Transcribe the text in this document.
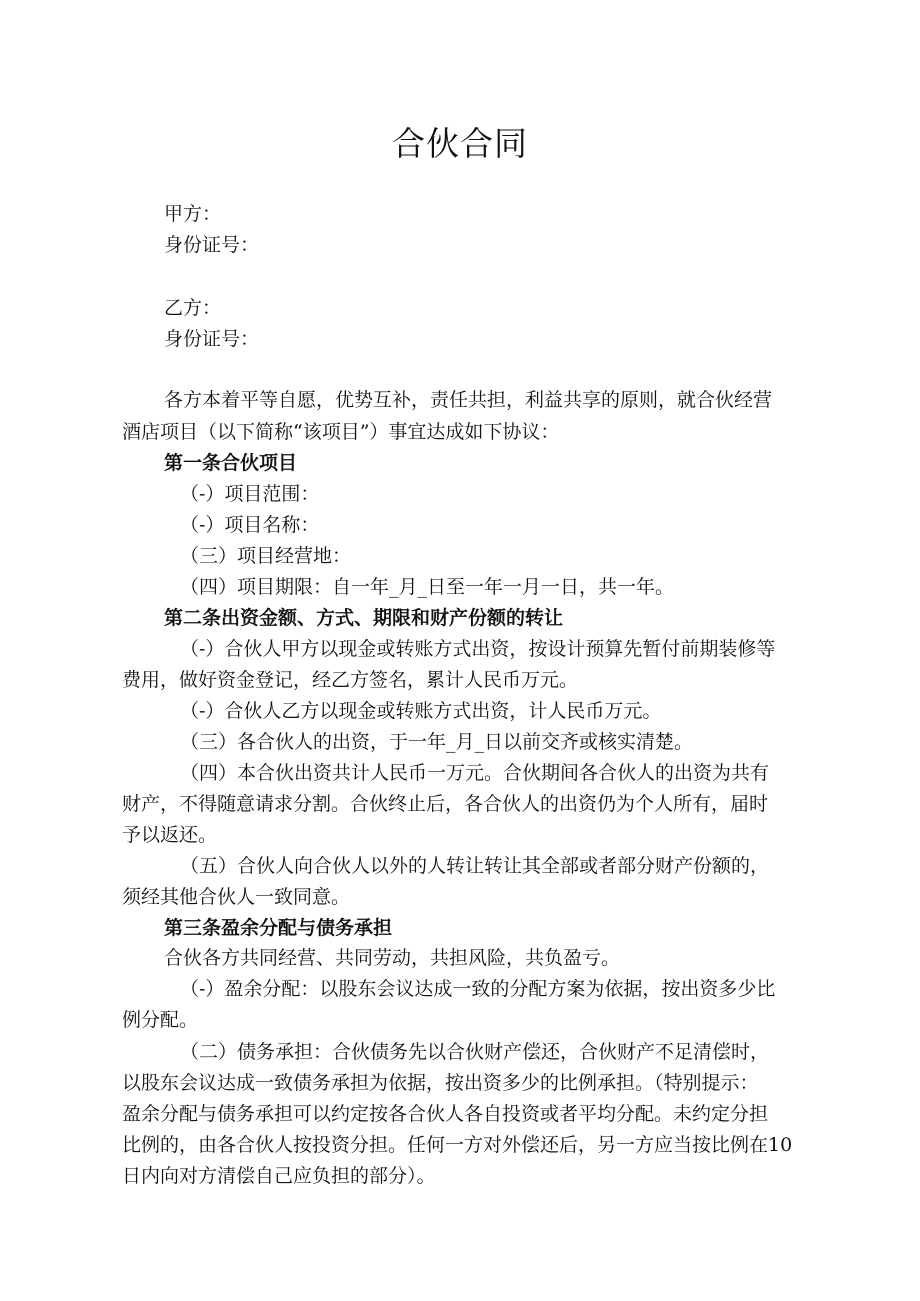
合伙合同
甲方：
身份证号：
乙方：
身份证号：
各方本着平等自愿，优势互补，责任共担，利益共享的原则，就合伙经营
酒店项目（以下简称“该项目”）事宜达成如下协议：
第一条合伙项目
（-）项目范围：
（-）项目名称：
（三）项目经营地：
（四）项目期限：自一年_月_日至一年一月一日，共一年。
第二条出资金额、方式、期限和财产份额的转让
（-）合伙人甲方以现金或转账方式出资，按设计预算先暂付前期装修等
费用，做好资金登记，经乙方签名，累计人民币万元。
（-）合伙人乙方以现金或转账方式出资，计人民币万元。
（三）各合伙人的出资，于一年_月_日以前交齐或核实清楚。
（四）本合伙出资共计人民币一万元。合伙期间各合伙人的出资为共有
财产，不得随意请求分割。合伙终止后，各合伙人的出资仍为个人所有，届时
予以返还。
（五）合伙人向合伙人以外的人转让转让其全部或者部分财产份额的，
须经其他合伙人一致同意。
第三条盈余分配与债务承担
合伙各方共同经营、共同劳动，共担风险，共负盈亏。
（-）盈余分配：以股东会议达成一致的分配方案为依据，按出资多少比
例分配。
（二）债务承担：合伙债务先以合伙财产偿还，合伙财产不足清偿时，
以股东会议达成一致债务承担为依据，按出资多少的比例承担。（特别提示：
盈余分配与债务承担可以约定按各合伙人各自投资或者平均分配。未约定分担
比例的，由各合伙人按投资分担。任何一方对外偿还后，另一方应当按比例在10
日内向对方清偿自己应负担的部分）。
